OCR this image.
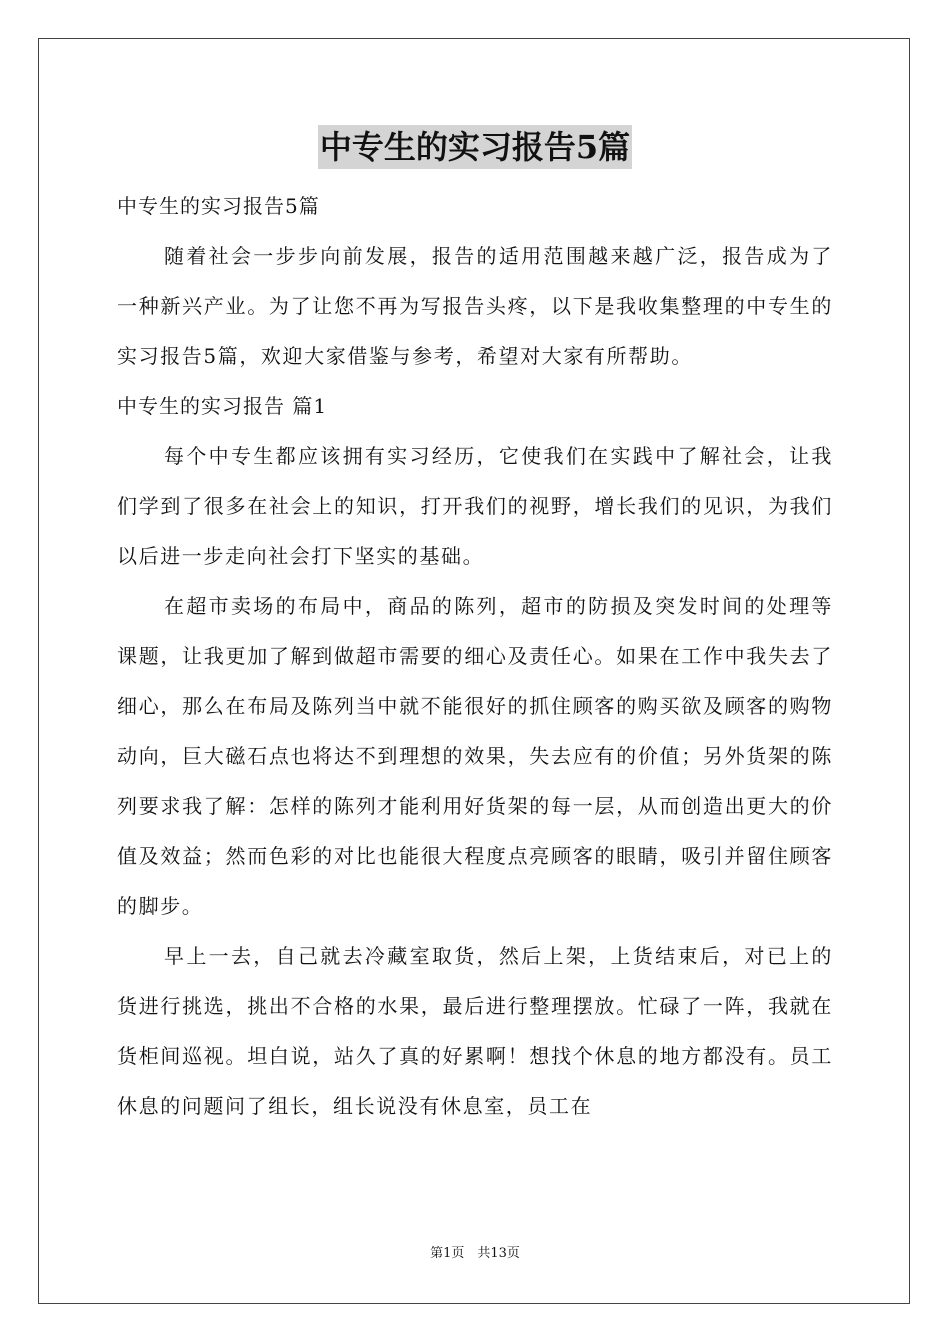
中专生的实习报告5篇

中专生的实习报告5篇

随着社会一步步向前发展，报告的适用范围越来越广泛，报告成为了一种新兴产业。为了让您不再为写报告头疼，以下是我收集整理的中专生的实习报告5篇，欢迎大家借鉴与参考，希望对大家有所帮助。

中专生的实习报告 篇1

每个中专生都应该拥有实习经历，它使我们在实践中了解社会，让我们学到了很多在社会上的知识，打开我们的视野，增长我们的见识，为我们以后进一步走向社会打下坚实的基础。

在超市卖场的布局中，商品的陈列，超市的防损及突发时间的处理等课题，让我更加了解到做超市需要的细心及责任心。如果在工作中我失去了细心，那么在布局及陈列当中就不能很好的抓住顾客的购买欲及顾客的购物动向，巨大磁石点也将达不到理想的效果，失去应有的价值；另外货架的陈列要求我了解：怎样的陈列才能利用好货架的每一层，从而创造出更大的价值及效益；然而色彩的对比也能很大程度点亮顾客的眼睛，吸引并留住顾客的脚步。

早上一去，自己就去冷藏室取货，然后上架，上货结束后，对已上的货进行挑选，挑出不合格的水果，最后进行整理摆放。忙碌了一阵，我就在货柜间巡视。坦白说，站久了真的好累啊！想找个休息的地方都没有。员工休息的问题问了组长，组长说没有休息室，员工在

第1页　共13页
